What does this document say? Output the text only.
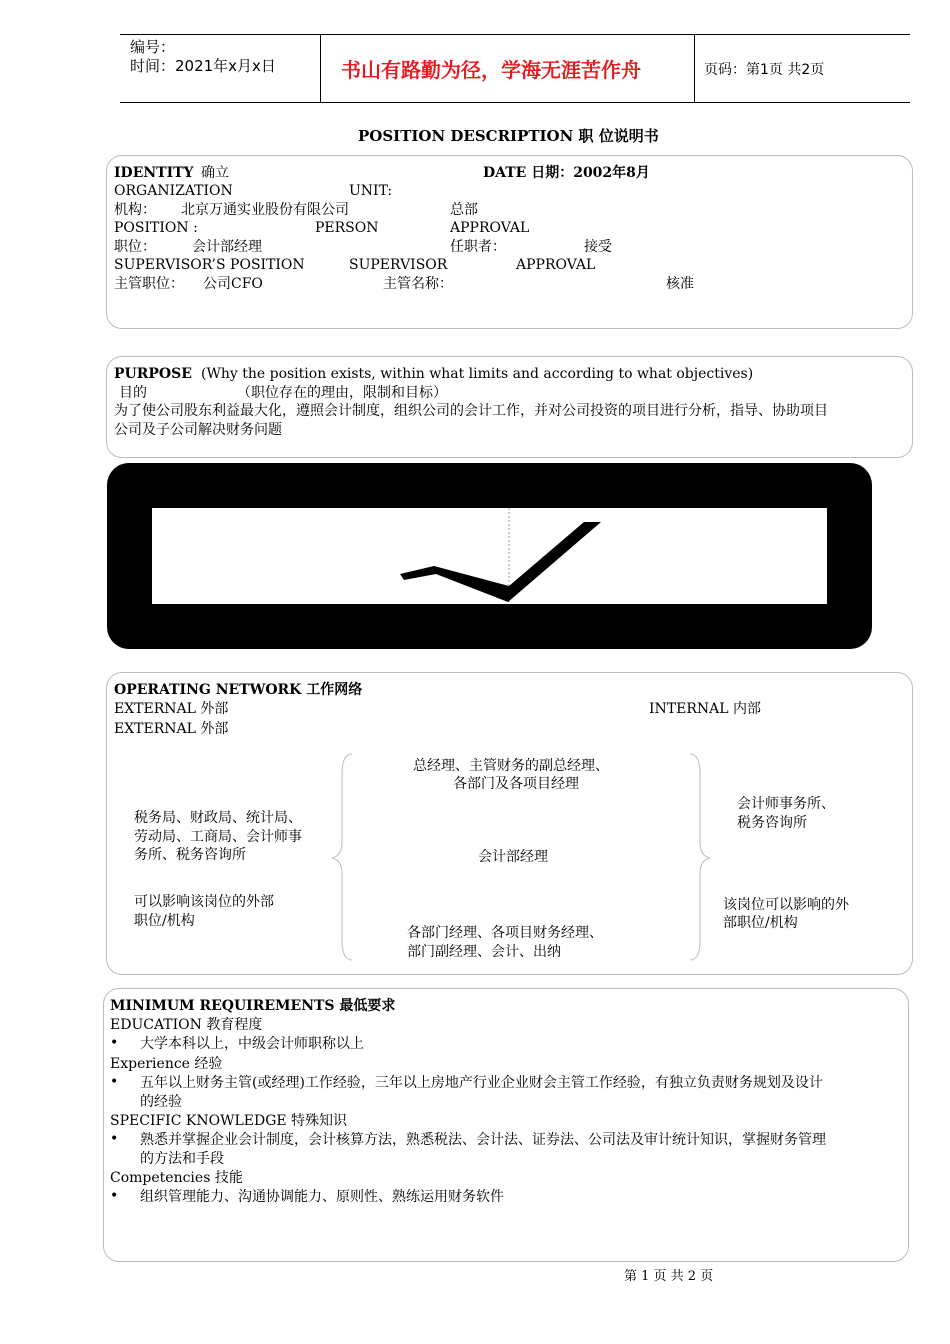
编号：
时间：2021年x月x日	书山有路勤为径，学海无涯苦作舟	页码：第1页 共2页
POSITION DESCRIPTION 职 位说明书
IDENTITY 确立	DATE 日期：2002年8月
ORGANIZATION	UNIT:
机构： 北京万通实业股份有限公司	总部
POSITION :	PERSON	APPROVAL
职位：	会计部经理	任职者：	接受
SUPERVISOR’S POSITION	SUPERVISOR	APPROVAL
主管职位： 公司CFO	主管名称：	核准
PURPOSE (Why the position exists, within what limits and according to what objectives)
目的	（职位存在的理由，限制和目标）
为了使公司股东利益最大化，遵照会计制度，组织公司的会计工作，并对公司投资的项目进行分析，指导、协助项目
公司及子公司解决财务问题
OPERATING NETWORK 工作网络
EXTERNAL 外部	INTERNAL 内部
EXTERNAL 外部
总经理、主管财务的副总经理、
各部门及各项目经理
税务局、财政局、统计局、
劳动局、工商局、会计师事
务所、税务咨询所	会计部经理
会计师事务所、
税务咨询所
可以影响该岗位的外部
职位/机构
该岗位可以影响的外
部职位/机构
各部门经理、各项目财务经理、
部门副经理、会计、出纳
MINIMUM REQUIREMENTS 最低要求
EDUCATION 教育程度
• 大学本科以上，中级会计师职称以上
Experience 经验
• 五年以上财务主管(或经理)工作经验，三年以上房地产行业企业财会主管工作经验，有独立负责财务规划及设计
的经验
SPECIFIC KNOWLEDGE 特殊知识
• 熟悉并掌握企业会计制度，会计核算方法，熟悉税法、会计法、证券法、公司法及审计统计知识，掌握财务管理
的方法和手段
Competencies 技能
• 组织管理能力、沟通协调能力、原则性、熟练运用财务软件
第 1 页 共 2 页
